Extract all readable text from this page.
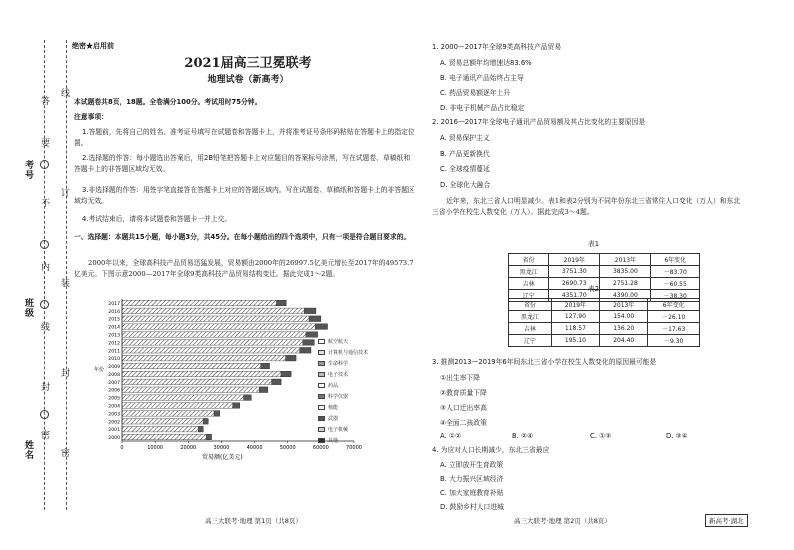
线
订
装
封
密
答
要
不
内
线
封
密
考号
班级
姓名
绝密★启用前
2021届高三卫冕联考
地理试卷（新高考）
本试题卷共8页，18题。全卷满分100分。考试用时75分钟。
注意事项：
1.答题前，先将自己的姓名、准考证号填写在试题卷和答题卡上，并将准考证号条形码粘贴在答题卡上的指定位置。
2.选择题的作答：每小题选出答案后，用2B铅笔把答题卡上对应题目的答案标号涂黑，写在试题卷、草稿纸和答题卡上的非答题区域均无效。
3.非选择题的作答：用签字笔直接答在答题卡上对应的答题区域内。写在试题卷、草稿纸和答题卡上的非答题区域均无效。
4.考试结束后，请将本试题卷和答题卡一并上交。
一、选择题：本题共15小题，每小题3分，共45分。在每小题给出的四个选项中，只有一项是符合题目要求的。
2000年以来，全球高科技产品贸易迅猛发展，贸易额由2000年的26997.5亿美元增长至2017年的49573.7亿美元。下图示意2000—2017年全球9类高科技产品贸易结构变迁。据此完成1～2题。
0	10000	20000	30000	40000	50000	60000	70000
2000
2001
2002
2003
2004
2005
2006
2007
2008
2009
2010
2011
2012
2013
2014
2015
2016
2017
年份
贸易额(亿美元)
航空航天
计算机与通信技术
生命科学
电子技术
药品
科学仪器
核能
武器
电子机械
其他
高三大联考·地理 第1页（共8页）
1. 2000—2017年全球9类高科技产品贸易
A. 贸易总额年均增速达83.6%
B. 电子通讯产品始终占主导
C. 药品贸易额逐年上升
D. 非电子机械产品占比稳定
2. 2016—2017年全球电子通讯产品贸易额及其占比变化的主要原因是
A. 贸易保护主义
B. 产品更新换代
C. 全球疫情蔓延
D. 全球化大融合
近年来，东北三省人口明显减少。表1和表2分别为不同年份东北三省常住人口变化（万人）和东北三省小学在校生人数变化（万人）。据此完成3～4题。
表1
省份	2019年	2013年	6年变化
黑龙江	3751.30	3835.00	－83.70
吉林	2690.73	2751.28	－60.55
辽宁	4351.70	4390.00	－38.30
表2
省份	2019年	2013年	6年变化
黑龙江	127.90	154.00	－26.10
吉林	118.57	136.20	－17.63
辽宁	195.10	204.40	－9.30
3. 推测2013—2019年6年间东北三省小学在校生人数变化的原因最可能是
①出生率下降
②教育质量下降
③人口迁出率高
④全面二孩政策
A. ①②	B. ②④	C. ①③	D. ③④
4. 为应对人口长期减少，东北三省最应
A. 立即放开生育政策
B. 大力振兴区域经济
C. 加大家庭教育补贴
D. 鼓励乡村人口进城
高三大联考·地理 第2页（共8页）	新高考·湖北
